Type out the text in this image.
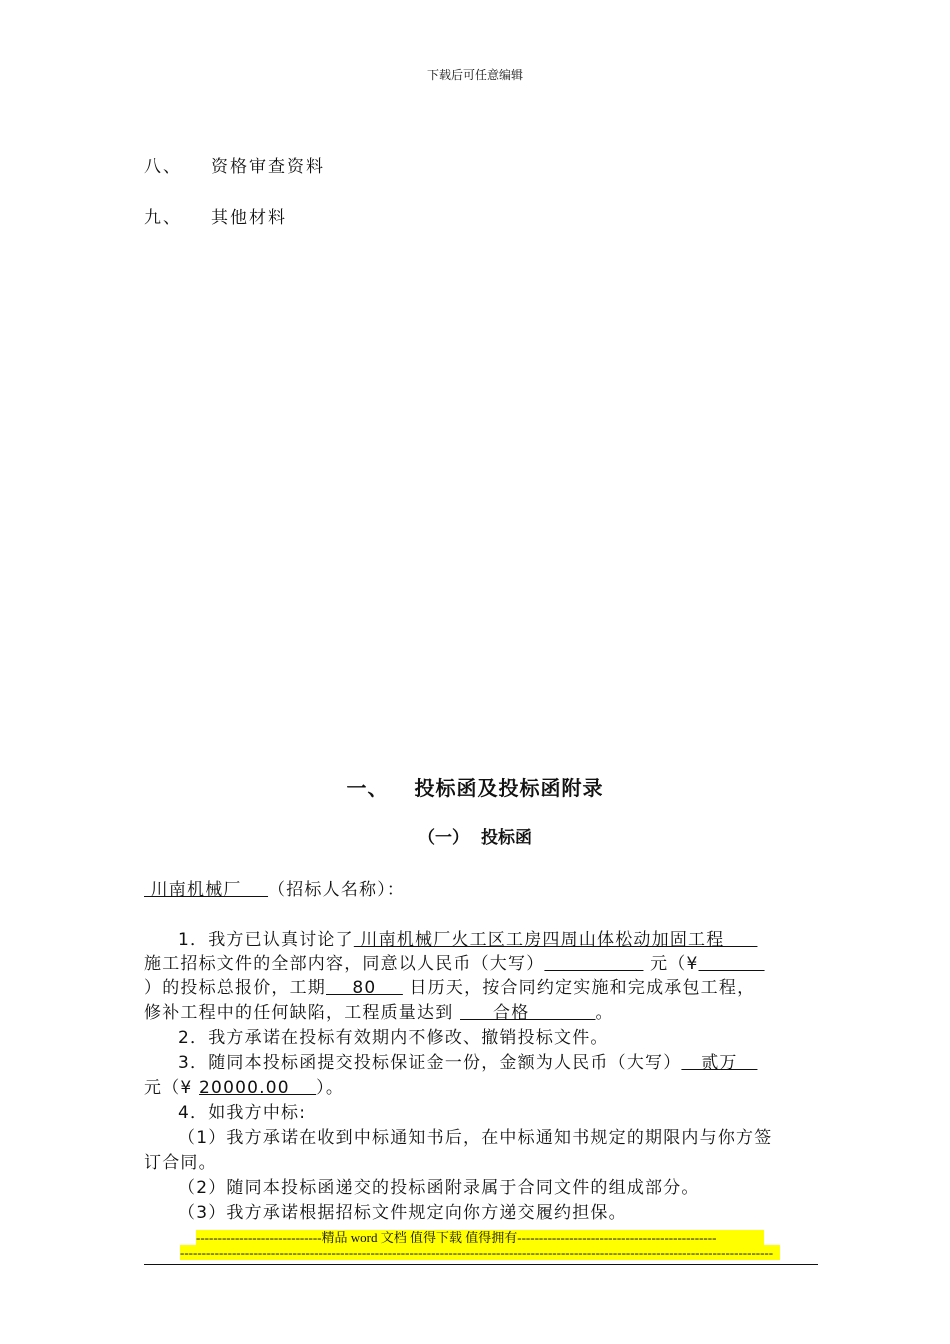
下载后可任意编辑
八、 资格审查资料
九、 其他材料
一、 投标函及投标函附录
（一） 投标函
川南机械厂    （招标人名称）：
1．我方已认真讨论了 川南机械厂火工区工房四周山体松动加固工程
施工招标文件的全部内容，同意以人民币（大写）	元（¥
）的投标总报价，工期    80     日历天，按合同约定实施和完成承包工程，
修补工程中的任何缺陷，工程质量达到      合格          。
2．我方承诺在投标有效期内不修改、撤销投标文件。
3．随同本投标函提交投标保证金一份，金额为人民币（大写）   贰万
元（¥ 20000.00    ）。
4．如我方中标:
（1）我方承诺在收到中标通知书后，在中标通知书规定的期限内与你方签
订合同。
（2）随同本投标函递交的投标函附录属于合同文件的组成部分。
（3）我方承诺根据招标文件规定向你方递交履约担保。
-----------------------------精品 word 文档 值得下载 值得拥有----------------------------------------------
-----------------------------------------------------------------------------------------------------------------------------------------
